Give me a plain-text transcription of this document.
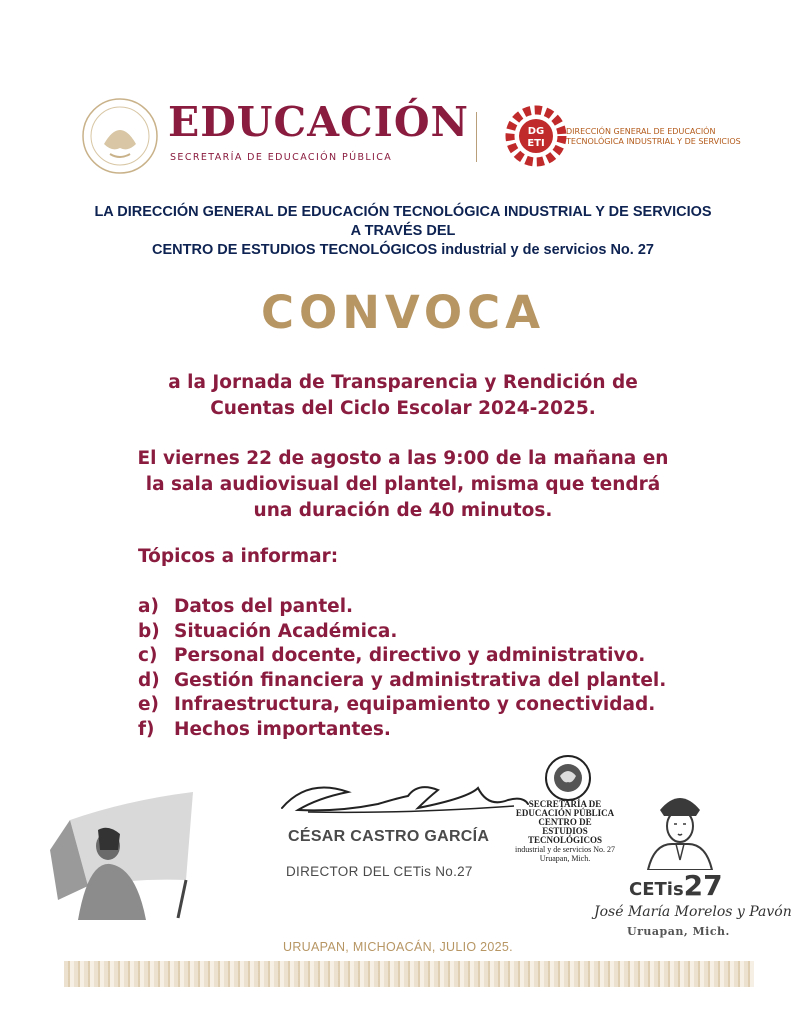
EDUCACIÓN
SECRETARÍA DE EDUCACIÓN PÚBLICA
DG
ETI
DIRECCIÓN GENERAL DE EDUCACIÓN
TECNOLÓGICA INDUSTRIAL Y DE SERVICIOS
LA DIRECCIÓN GENERAL DE EDUCACIÓN TECNOLÓGICA INDUSTRIAL Y DE SERVICIOS
A TRAVÉS DEL
CENTRO DE ESTUDIOS TECNOLÓGICOS industrial y de servicios No. 27
CONVOCA
a la Jornada de Transparencia y Rendición de
Cuentas del Ciclo Escolar 2024-2025.
El viernes 22 de agosto a las 9:00 de la mañana en
la sala audiovisual del plantel, misma que tendrá
una duración de 40 minutos.
Tópicos a informar:
a) Datos del pantel.
b) Situación Académica.
c) Personal docente, directivo y administrativo.
d) Gestión financiera y administrativa del plantel.
e) Infraestructura, equipamiento y conectividad.
f)	Hechos importantes.
CÉSAR CASTRO GARCÍA
DIRECTOR DEL CETis No.27
SECRETARÍA DE
EDUCACIÓN PÚBLICA
CENTRO DE ESTUDIOS
TECNOLÓGICOS
industrial y de servicios No. 27
Uruapan, Mich.
CETis27
José María Morelos y Pavón
Uruapan, Mich.
URUAPAN, MICHOACÁN, JULIO 2025.
